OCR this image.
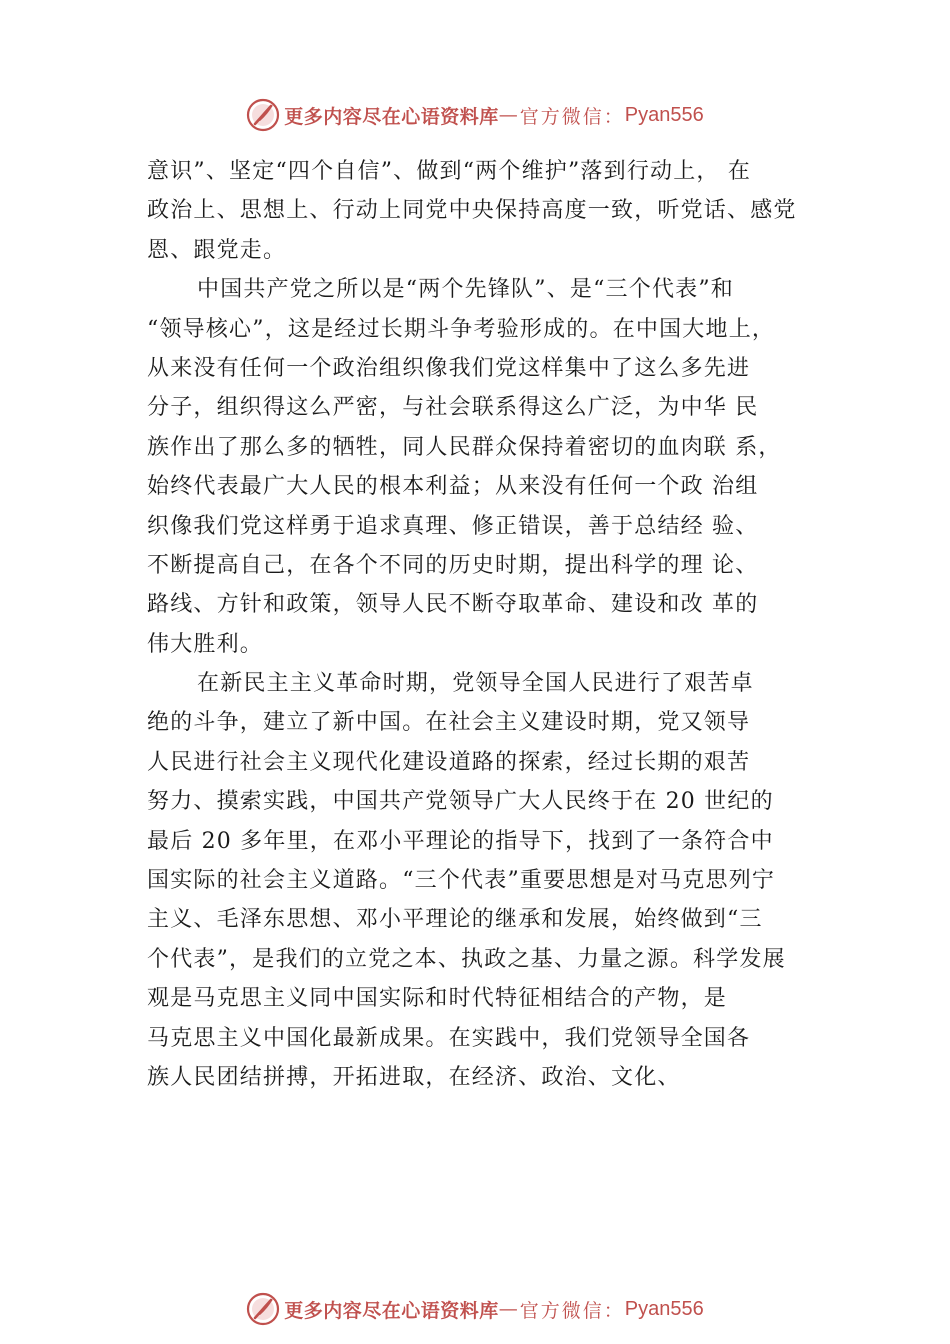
更多内容尽在心语资料库 — 官方微信： Pyan556
意识”、坚定“四个自信”、做到“两个维护”落到行动上， 在
政治上、思想上、行动上同党中央保持高度一致，听党话、感党
恩、跟党走。
中国共产党之所以是“两个先锋队”、是“三个代表”和
“领导核心”，这是经过长期斗争考验形成的。在中国大地上，
从来没有任何一个政治组织像我们党这样集中了这么多先进
分子，组织得这么严密，与社会联系得这么广泛，为中华 民
族作出了那么多的牺牲，同人民群众保持着密切的血肉联 系，
始终代表最广大人民的根本利益；从来没有任何一个政 治组
织像我们党这样勇于追求真理、修正错误，善于总结经 验、
不断提高自己，在各个不同的历史时期，提出科学的理 论、
路线、方针和政策，领导人民不断夺取革命、建设和改 革的
伟大胜利。
在新民主主义革命时期，党领导全国人民进行了艰苦卓
绝的斗争，建立了新中国。在社会主义建设时期，党又领导
人民进行社会主义现代化建设道路的探索，经过长期的艰苦
努力、摸索实践，中国共产党领导广大人民终于在 20 世纪的
最后 20 多年里，在邓小平理论的指导下，找到了一条符合中
国实际的社会主义道路。“三个代表”重要思想是对马克思列宁
主义、毛泽东思想、邓小平理论的继承和发展，始终做到“三
个代表”，是我们的立党之本、执政之基、力量之源。科学发展
观是马克思主义同中国实际和时代特征相结合的产物，是
马克思主义中国化最新成果。在实践中，我们党领导全国各
族人民团结拼搏，开拓进取，在经济、政治、文化、
更多内容尽在心语资料库 — 官方微信： Pyan556
